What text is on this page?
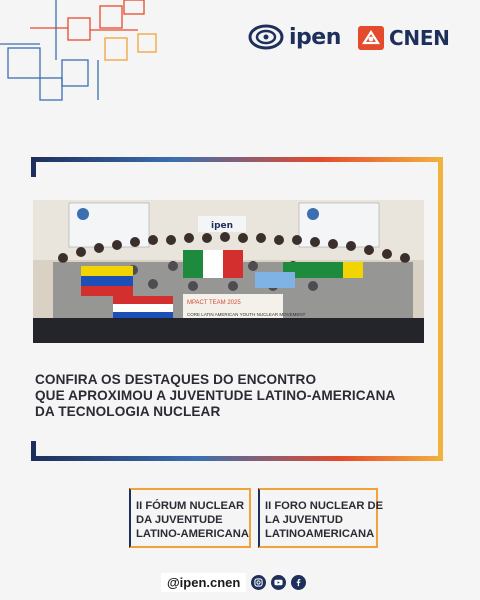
ipen CNEN
ipen
MPACT TEAM 2025
CORE LATIN AMERICAN YOUTH NUCLEAR MOVEMENT
CONFIRA OS DESTAQUES DO ENCONTRO
QUE APROXIMOU A JUVENTUDE LATINO-AMERICANA
DA TECNOLOGIA NUCLEAR
II FÓRUM NUCLEAR
DA JUVENTUDE
LATINO-AMERICANA
II FORO NUCLEAR DE
LA JUVENTUD
LATINOAMERICANA
@ipen.cnen
